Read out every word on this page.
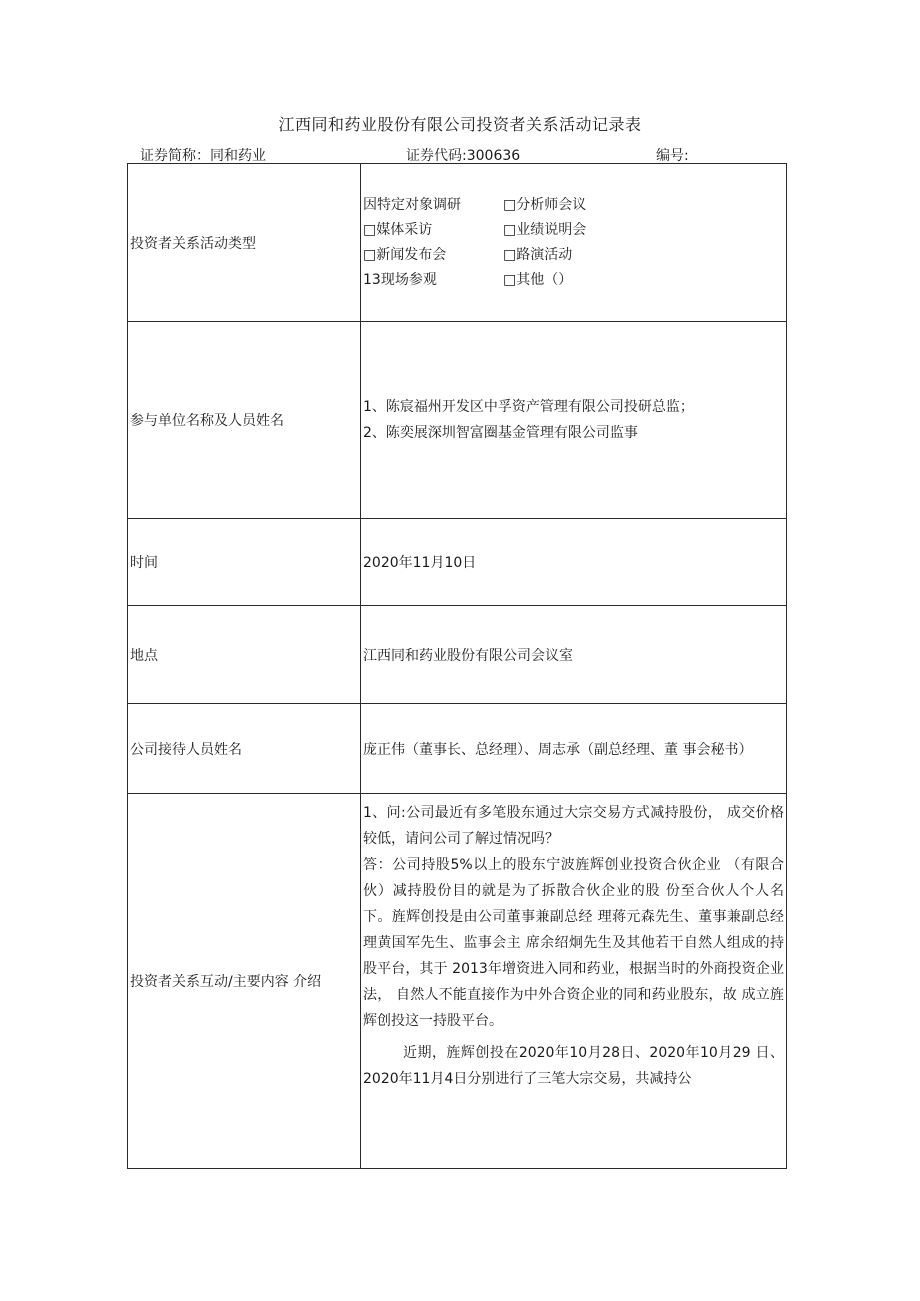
江西同和药业股份有限公司投资者关系活动记录表
证券简称：同和药业	证券代码:300636	编号:
投资者关系活动类型	因特定对象调研 □分析师会议
□媒体采访 □业绩说明会
□新闻发布会 □路演活动
13现场参观 □其他（）

参与单位名称及人员姓名	1、陈宸福州开发区中孚资产管理有限公司投研总监；
2、陈奕展深圳智富圈基金管理有限公司监事

时间	2020年11月10日
地点	江西同和药业股份有限公司会议室
公司接待人员姓名	庞正伟（董事长、总经理）、周志承（副总经理、董 事会秘书）
投资者关系互动/主要内容 介绍	1、问:公司最近有多笔股东通过大宗交易方式减持股份， 成交价格较低，请问公司了解过情况吗？
答：公司持股5%以上的股东宁波旌辉创业投资合伙企业 （有限合伙）减持股份目的就是为了拆散合伙企业的股 份至合伙人个人名下。旌辉创投是由公司董事兼副总经 理蒋元森先生、董事兼副总经理黄国军先生、监事会主 席余绍炯先生及其他若干自然人组成的持股平台，其于 2013年增资进入同和药业，根据当时的外商投资企业法， 自然人不能直接作为中外合资企业的同和药业股东，故 成立旌辉创投这一持股平台。
近期，旌辉创投在2020年10月28日、2020年10月29 日、2020年11月4日分别进行了三笔大宗交易，共减持公
